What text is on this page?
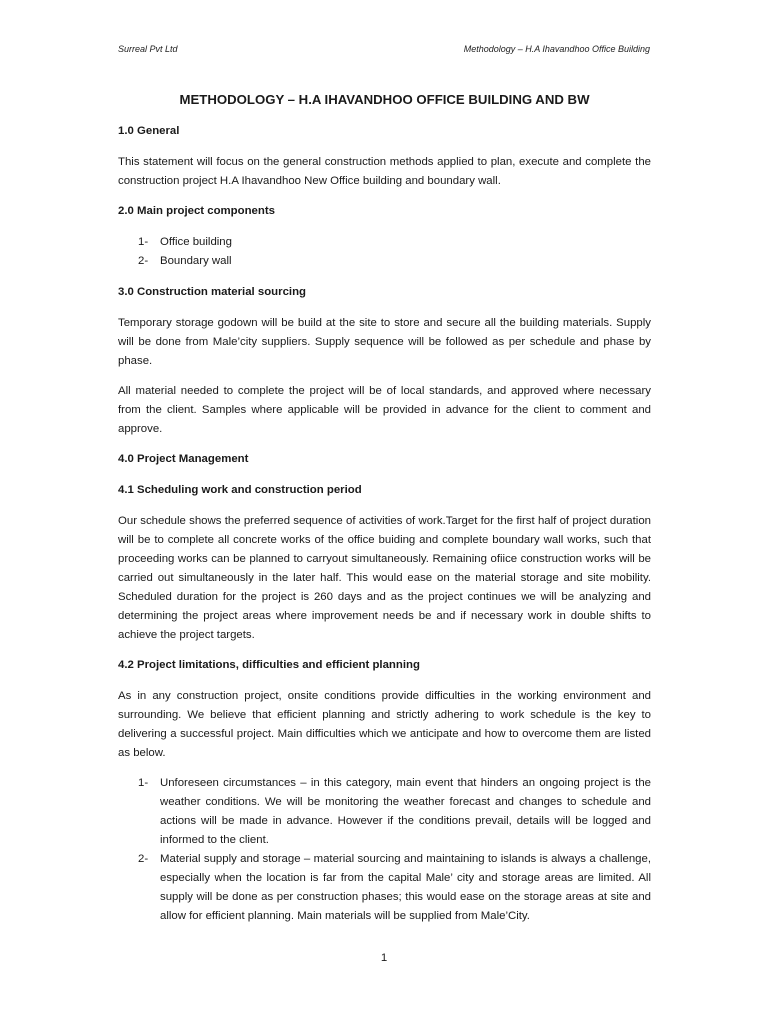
Surreal Pvt Ltd	Methodology – H.A Ihavandhoo Office Building
METHODOLOGY – H.A IHAVANDHOO OFFICE BUILDING AND BW
1.0 General

This statement will focus on the general construction methods applied to plan, execute and complete the construction project H.A Ihavandhoo New Office building and boundary wall.

2.0 Main project components
1-	Office building
2-	Boundary wall
3.0 Construction material sourcing

Temporary storage godown will be build at the site to store and secure all the building materials. Supply will be done from Male’city suppliers. Supply sequence will be followed as per schedule and phase by phase.

All material needed to complete the project will be of local standards, and approved where necessary from the client. Samples where applicable will be provided in advance for the client to comment and approve.

4.0 Project Management
4.1 Scheduling work and construction period

Our schedule shows the preferred sequence of activities of work.Target for the first half of project duration will be to complete all concrete works of the office buiding and complete boundary wall works, such that proceeding works can be planned to carryout simultaneously. Remaining ofiice construction works will be carried out simultaneously in the later half. This would ease on the material storage and site mobility. Scheduled duration for the project is 260 days and as the project continues we will be analyzing and determining the project areas where improvement needs be and if necessary work in double shifts to achieve the project targets.

4.2 Project limitations, difficulties and efficient planning

As in any construction project, onsite conditions provide difficulties in the working environment and surrounding. We believe that efficient planning and strictly adhering to work schedule is the key to delivering a successful project. Main difficulties which we anticipate and how to overcome them are listed as below.

1-	Unforeseen circumstances – in this category, main event that hinders an ongoing project is the weather conditions. We will be monitoring the weather forecast and changes to schedule and actions will be made in advance. However if the conditions prevail, details will be logged and informed to the client.
2-	Material supply and storage – material sourcing and maintaining to islands is always a challenge, especially when the location is far from the capital Male’ city and storage areas are limited. All supply will be done as per construction phases; this would ease on the storage areas at site and allow for efficient planning. Main materials will be supplied from Male’City.
1
